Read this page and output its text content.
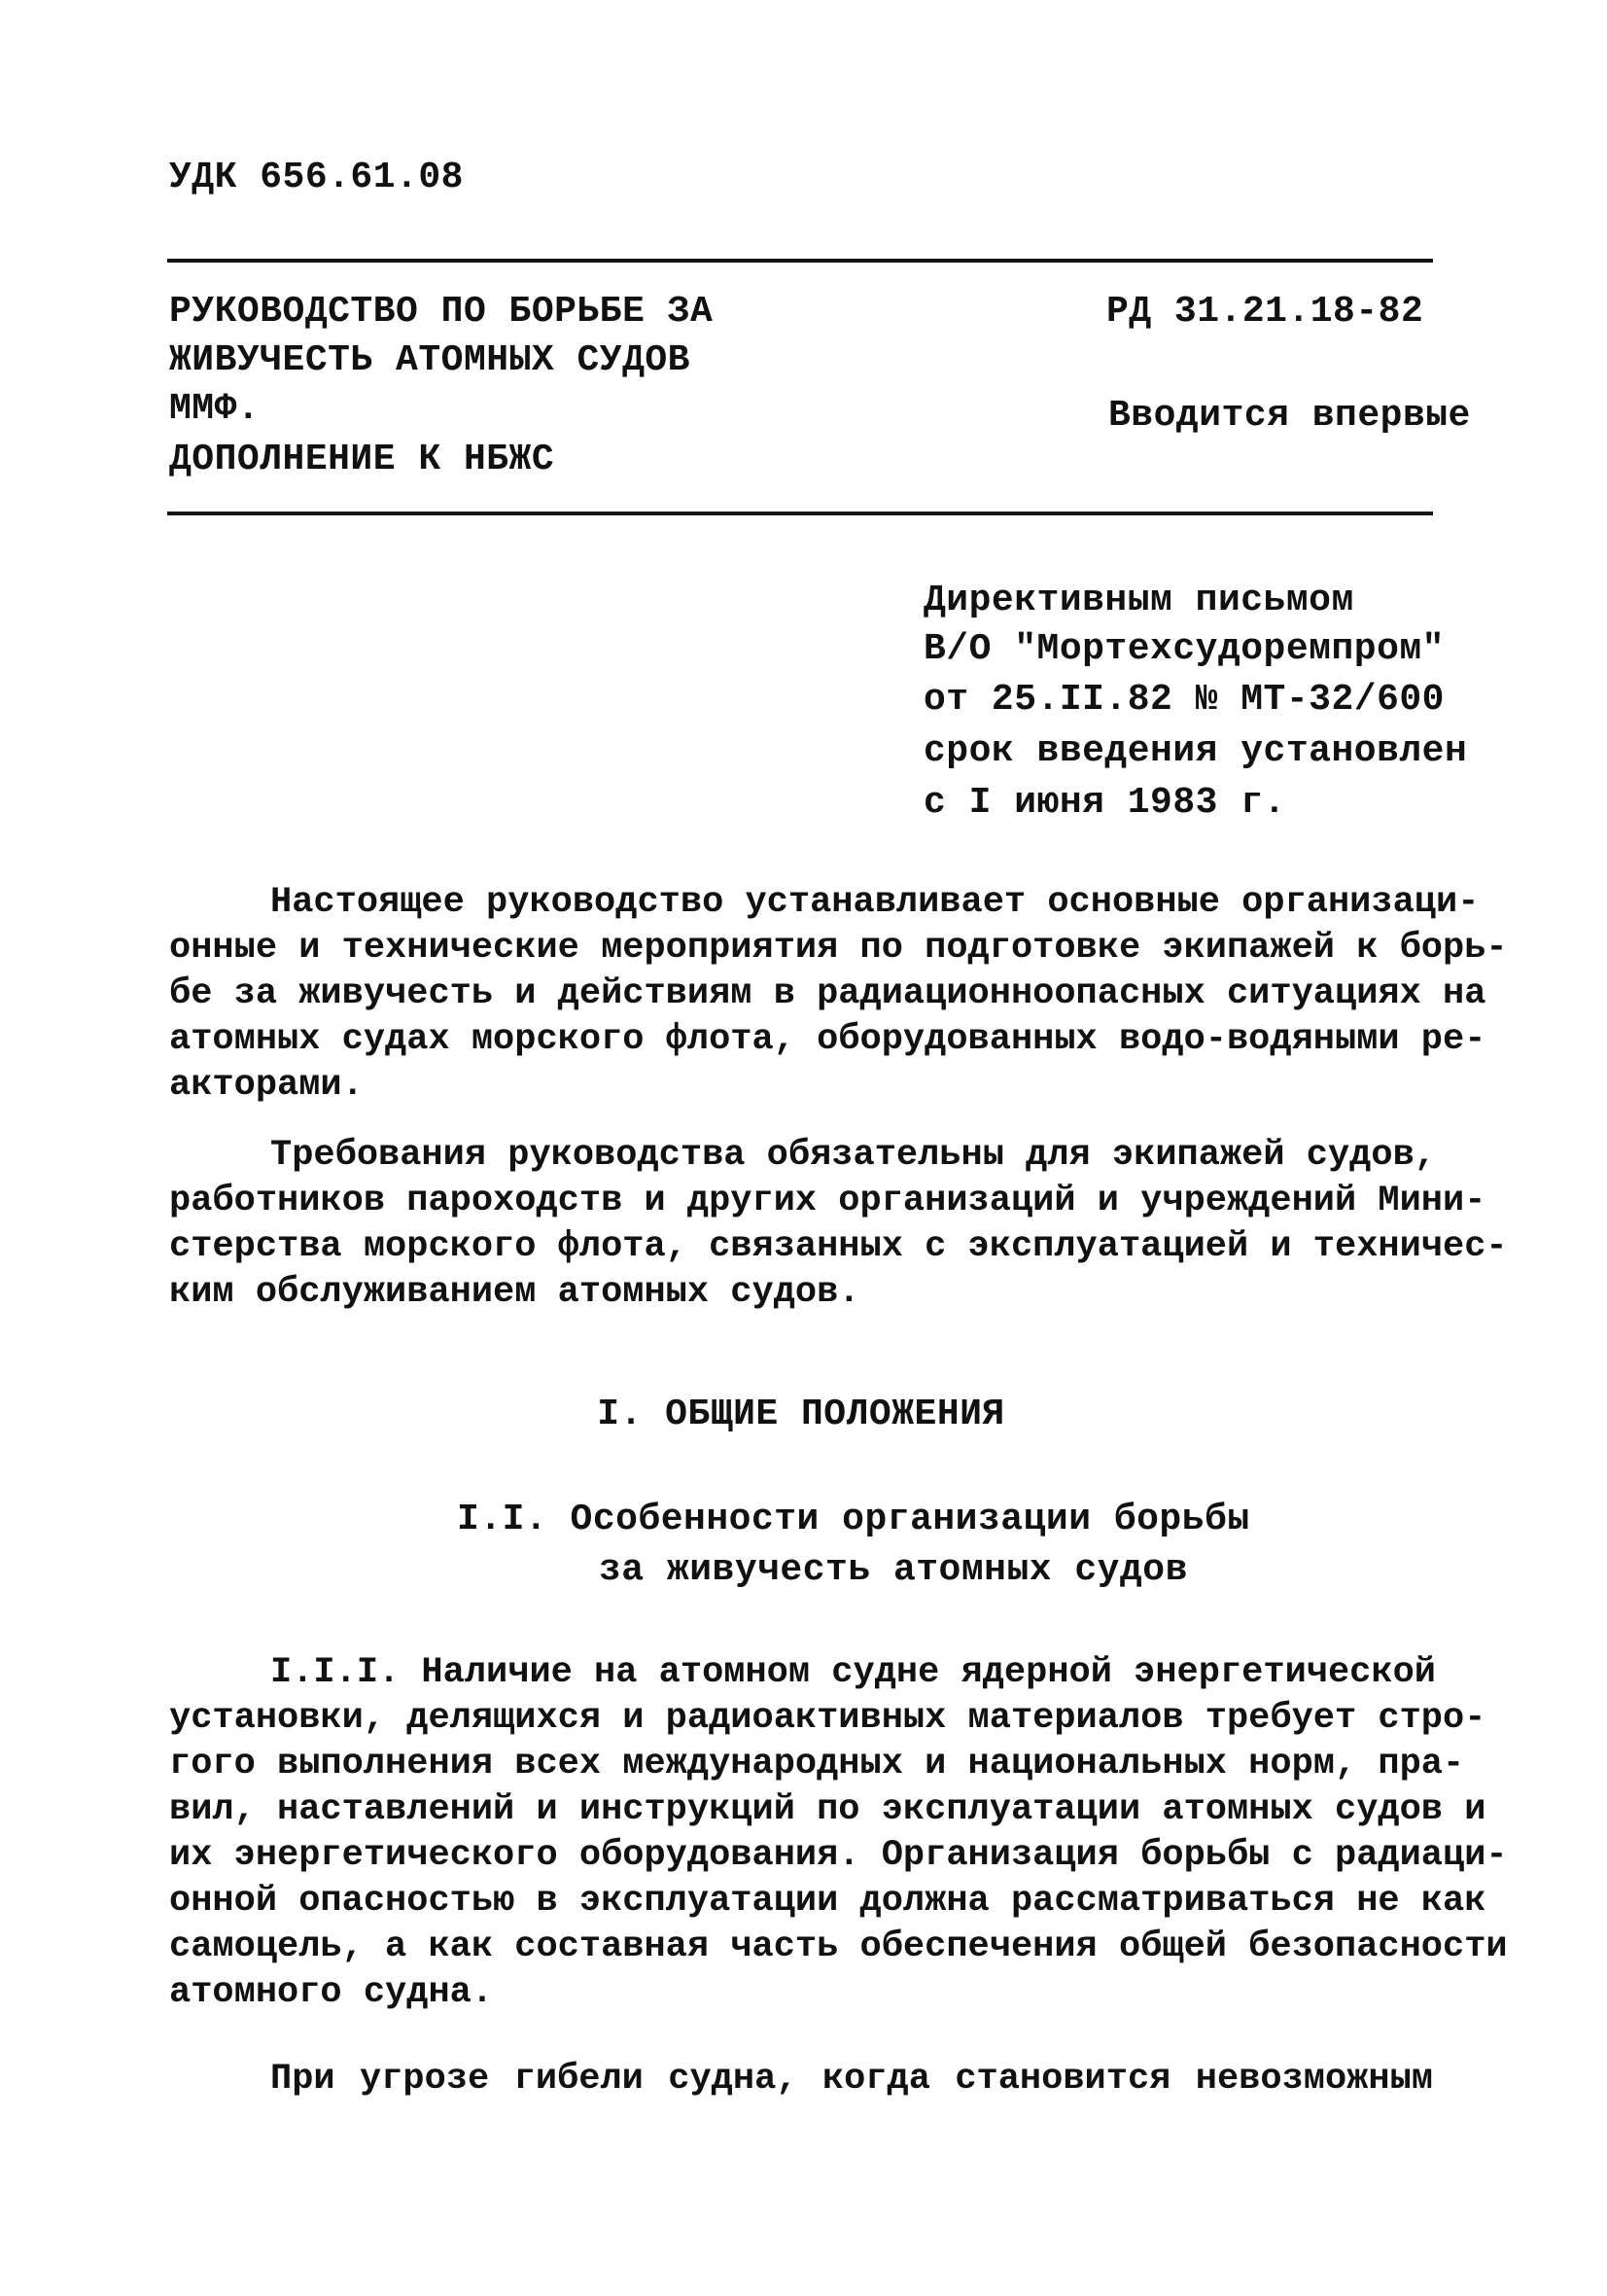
УДК 656.61.08
РУКОВОДСТВО ПО БОРЬБЕ ЗА
ЖИВУЧЕСТЬ АТОМНЫХ СУДОВ
ММФ.
ДОПОЛНЕНИЕ К НБЖС
РД 31.21.18-82
Вводится впервые
Директивным письмом
В/О "Мортехсудоремпром"
от 25.II.82 № МТ-32/600
срок введения установлен
с I июня 1983 г.
Настоящее руководство устанавливает основные организаци-
онные и технические мероприятия по подготовке экипажей к борь-
бе за живучесть и действиям в радиационноопасных ситуациях на
атомных судах морского флота, оборудованных водо-водяными ре-
акторами.
Требования руководства обязательны для экипажей судов,
работников пароходств и других организаций и учреждений Мини-
стерства морского флота, связанных с эксплуатацией и техничес-
ким обслуживанием атомных судов.
I. ОБЩИЕ ПОЛОЖЕНИЯ
I.I. Особенности организации борьбы
за живучесть атомных судов
I.I.I. Наличие на атомном судне ядерной энергетической
установки, делящихся и радиоактивных материалов требует стро-
гого выполнения всех международных и национальных норм, пра-
вил, наставлений и инструкций по эксплуатации атомных судов и
их энергетического оборудования. Организация борьбы с радиаци-
онной опасностью в эксплуатации должна рассматриваться не как
самоцель, а как составная часть обеспечения общей безопасности
атомного судна.
При угрозе гибели судна, когда становится невозможным
